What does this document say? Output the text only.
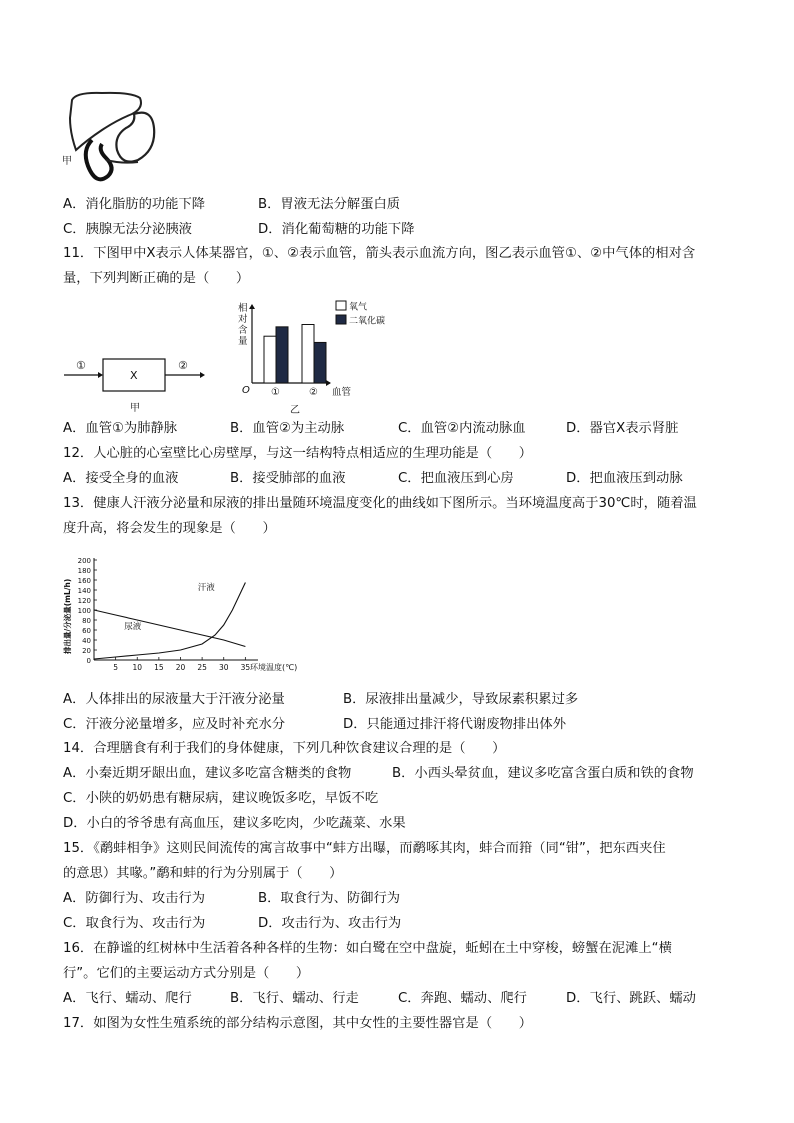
甲
A．消化脂肪的功能下降	B．胃液无法分解蛋白质
C．胰腺无法分泌胰液	D．消化葡萄糖的功能下降
11．下图甲中X表示人体某器官，①、②表示血管，箭头表示血流方向，图乙表示血管①、②中气体的相对含
量，下列判断正确的是（　　）
①
X
②
甲
相对含量
O	血管
①	②
氧气
二氧化碳
乙
A．血管①为肺静脉	B．血管②为主动脉	C．血管②内流动脉血	D．器官X表示肾脏
12．人心脏的心室壁比心房壁厚，与这一结构特点相适应的生理功能是（　　）
A．接受全身的血液	B．接受肺部的血液	C．把血液压到心房	D．把血液压到动脉
13．健康人汗液分泌量和尿液的排出量随环境温度变化的曲线如下图所示。当环境温度高于30℃时，随着温
度升高，将会发生的现象是（　　）
20
40
60
80
100
120
140
160
180
200
0
5 10 15 20 25 30 35 环境温度(℃)
排出量/分泌量(mL/h)	汗液
尿液
A．人体排出的尿液量大于汗液分泌量	B．尿液排出量减少，导致尿素积累过多
C．汗液分泌量增多，应及时补充水分	D．只能通过排汗将代谢废物排出体外
14．合理膳食有利于我们的身体健康，下列几种饮食建议合理的是（　　）
A．小秦近期牙龈出血，建议多吃富含糖类的食物	B．小西头晕贫血，建议多吃富含蛋白质和铁的食物
C．小陕的奶奶患有糖尿病，建议晚饭多吃，早饭不吃
D．小白的爷爷患有高血压，建议多吃肉，少吃蔬菜、水果
15．《鹬蚌相争》这则民间流传的寓言故事中“蚌方出曝，而鹬啄其肉，蚌合而箝（同“钳”，把东西夹住
的意思）其喙。”鹬和蚌的行为分别属于（　　）
A．防御行为、攻击行为	B．取食行为、防御行为
C．取食行为、攻击行为	D．攻击行为、攻击行为
16．在静谧的红树林中生活着各种各样的生物：如白鹭在空中盘旋，蚯蚓在土中穿梭，螃蟹在泥滩上“横
行”。它们的主要运动方式分别是（　　）
A．飞行、蠕动、爬行	B．飞行、蠕动、行走	C．奔跑、蠕动、爬行	D．飞行、跳跃、蠕动
17．如图为女性生殖系统的部分结构示意图，其中女性的主要性器官是（　　）
